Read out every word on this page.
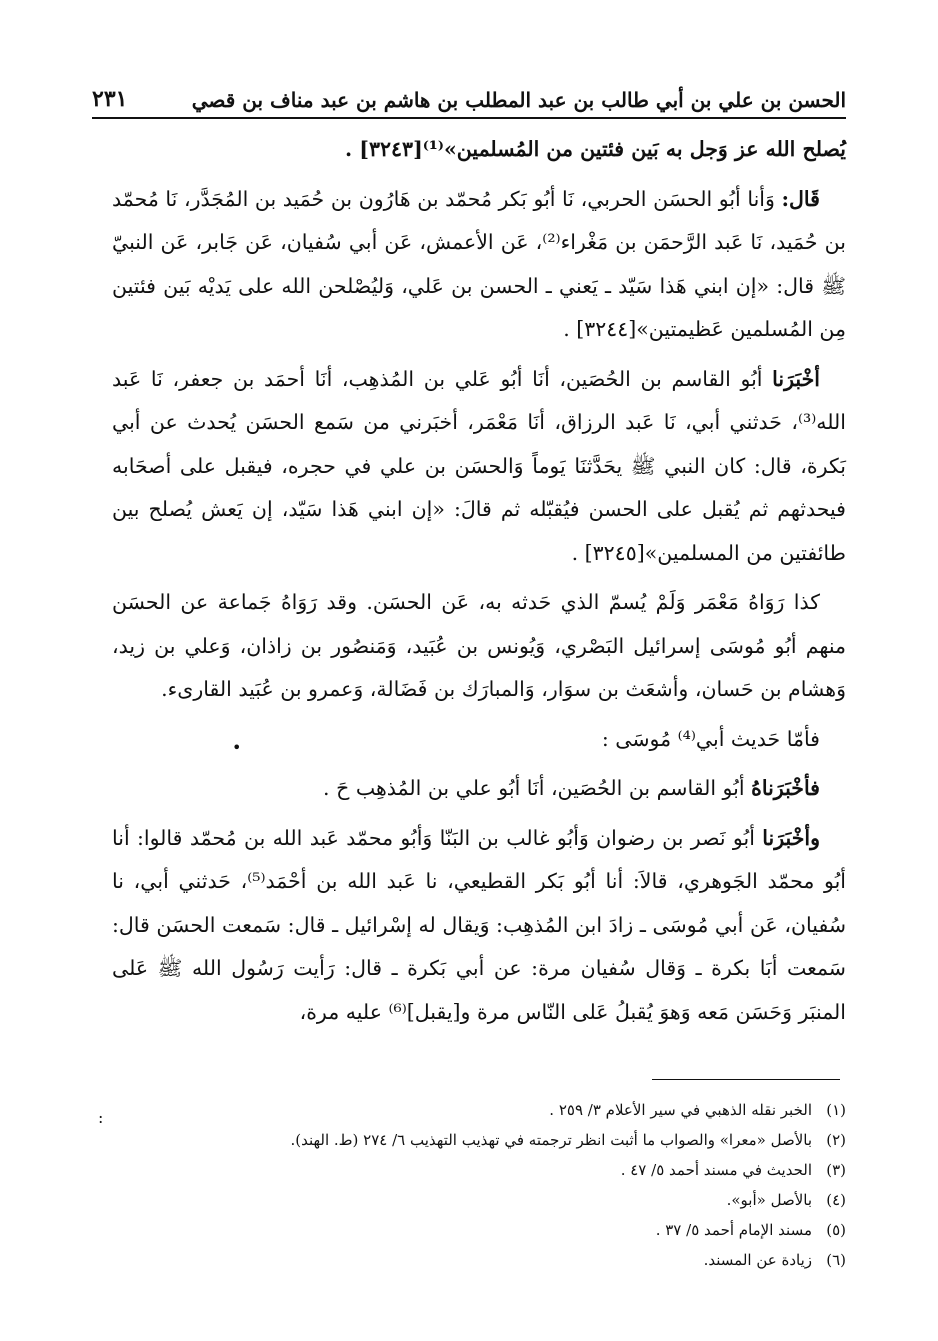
الحسن بن علي بن أبي طالب بن عبد المطلب بن هاشم بن عبد مناف بن قصي
٢٣١

يُصلح الله عز وَجل به بَين فئتين من المُسلمين»⁽¹⁾[٣٢٤٣] .

قَال: وَأنا أبُو الحسَن الحربي، نَا أبُو بَكر مُحمّد بن هَارُون بن حُمَيد بن المُجَدَّر، نَا مُحمّد بن حُمَيد، نَا عَبد الرَّحمَن بن مَغْراء⁽²⁾، عَن الأعمش، عَن أبي سُفيان، عَن جَابر، عَن النبيّ ﷺ قال: «إن ابني هَذا سَيّد ـ يَعني ـ الحسن بن عَلي، وَليُصْلحن الله على يَديْه بَين فئتين مِن المُسلمين عَظيمتين»[٣٢٤٤] .

أخْبَرَنا أبُو القاسم بن الحُصَين، أنَا أبُو عَلي بن المُذهِب، أنَا أحمَد بن جعفر، نَا عَبد الله⁽³⁾، حَدثني أبي، نَا عَبد الرزاق، أنَا مَعْمَر، أخبَرني من سَمع الحسَن يُحدث عن أبي بَكرة، قال: كان النبي ﷺ يحَدَّثنَا يَوماً وَالحسَن بن علي في حجره، فيقبل على أصحَابه فيحدثهم ثم يُقبل على الحسن فيُقبّله ثم قالَ: «إن ابني هَذا سَيّد، إن يَعش يُصلح بين طائفتين من المسلمين»[٣٢٤٥] .

كذا رَوَاهُ مَعْمَر وَلَمْ يُسمّ الذي حَدثه به، عَن الحسَن. وقد رَوَاهُ جَماعة عن الحسَن منهم أبُو مُوسَى إسرائيل البَصْري، وَيُونس بن عُبَيد، وَمَنصُور بن زاذان، وَعلي بن زيد، وَهشام بن حَسان، وأشعَث بن سوَار، وَالمبارَك بن فَضَالة، وَعمرو بن عُبَيد القارىء.

فأمّا حَديث أبي⁽⁴⁾ مُوسَى :

فأخْبَرَناهُ أبُو القاسم بن الحُصَين، أنَا أبُو علي بن المُذهِب حَ .

وأخْبَرَنا أبُو نَصر بن رضوان وَأبُو غالب بن البَنّا وَأبُو محمّد عَبد الله بن مُحمّد قالوا: أنا أبُو محمّد الجَوهري، قالاَ: أنا أبُو بَكر القطيعي، نا عَبد الله بن أحْمَد⁽⁵⁾، حَدثني أبي، نا سُفيان، عَن أبي مُوسَى ـ زادَ ابن المُذهِب: وَيقال له إسْرائيل ـ قال: سَمعت الحسَن قال: سَمعت أبَا بكرة ـ وَقال سُفيان مرة: عن أبي بَكرة ـ قال: رَأيت رَسُول الله ﷺ عَلى المنبَر وَحَسَن مَعه وَهوَ يُقبلُ عَلى النّاس مرة و[يقبل]⁽⁶⁾ عليه مرة،

•
(١)
الخبر نقله الذهبي في سير الأعلام ٣/ ٢٥٩ .
(٢)
بالأصل «معرا» والصواب ما أثبت انظر ترجمته في تهذيب التهذيب ٦/ ٢٧٤ (ط. الهند).
(٣)
الحديث في مسند أحمد ٥/ ٤٧ .
(٤)
بالأصل «أبو».
(٥)
مسند الإمام أحمد ٥/ ٣٧ .
(٦)
زيادة عن المسند.
:
